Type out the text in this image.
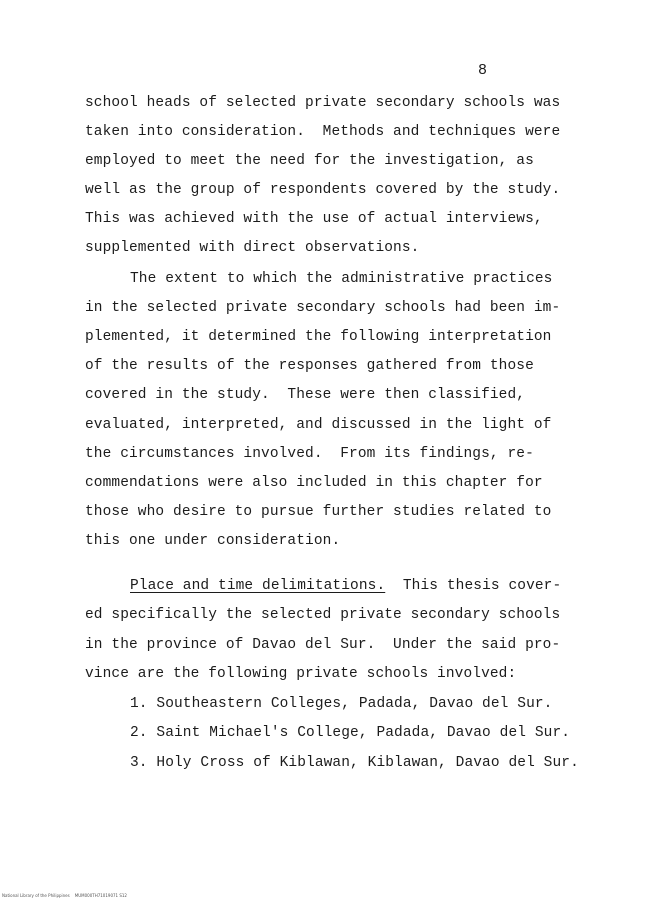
8
school heads of selected private secondary schools was
taken into consideration.  Methods and techniques were
employed to meet the need for the investigation, as
well as the group of respondents covered by the study.
This was achieved with the use of actual interviews,
supplemented with direct observations.
The extent to which the administrative practices
in the selected private secondary schools had been im-
plemented, it determined the following interpretation
of the results of the responses gathered from those
covered in the study.  These were then classified,
evaluated, interpreted, and discussed in the light of
the circumstances involved.  From its findings, re-
commendations were also included in this chapter for
those who desire to pursue further studies related to
this one under consideration.
Place and time delimitations.  This thesis cover-
ed specifically the selected private secondary schools
in the province of Davao del Sur.  Under the said pro-
vince are the following private schools involved:
1. Southeastern Colleges, Padada, Davao del Sur.
2. Saint Michael's College, Padada, Davao del Sur.
3. Holy Cross of Kiblawan, Kiblawan, Davao del Sur.
National Library of the Philippines    MUM000TH71019071 S12
